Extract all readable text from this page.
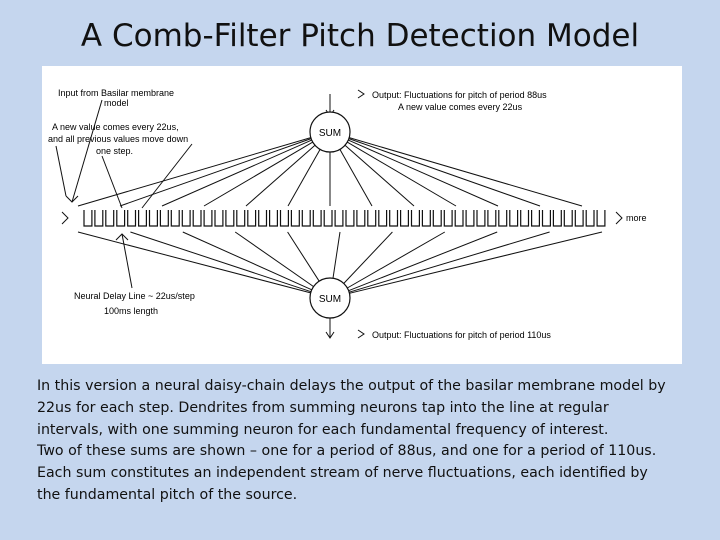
A Comb-Filter Pitch Detection Model
SUM
SUM
more
Input from Basilar membrane
model
A new value comes every 22us,
and all previous values move down
one step.
Output: Fluctuations for pitch of period 88us
A new value comes every 22us
Neural Delay Line ~ 22us/step
100ms length
Output: Fluctuations for pitch of period 110us

In this version a neural daisy-chain delays the output of the basilar membrane model by

22us for each step. Dendrites from summing neurons tap into the line at regular

intervals, with one summing neuron for each fundamental frequency of interest.

Two of these sums are shown – one for a period of 88us, and one for a period of 110us.

Each sum constitutes an independent stream of nerve fluctuations, each identified by

the fundamental pitch of the source.
